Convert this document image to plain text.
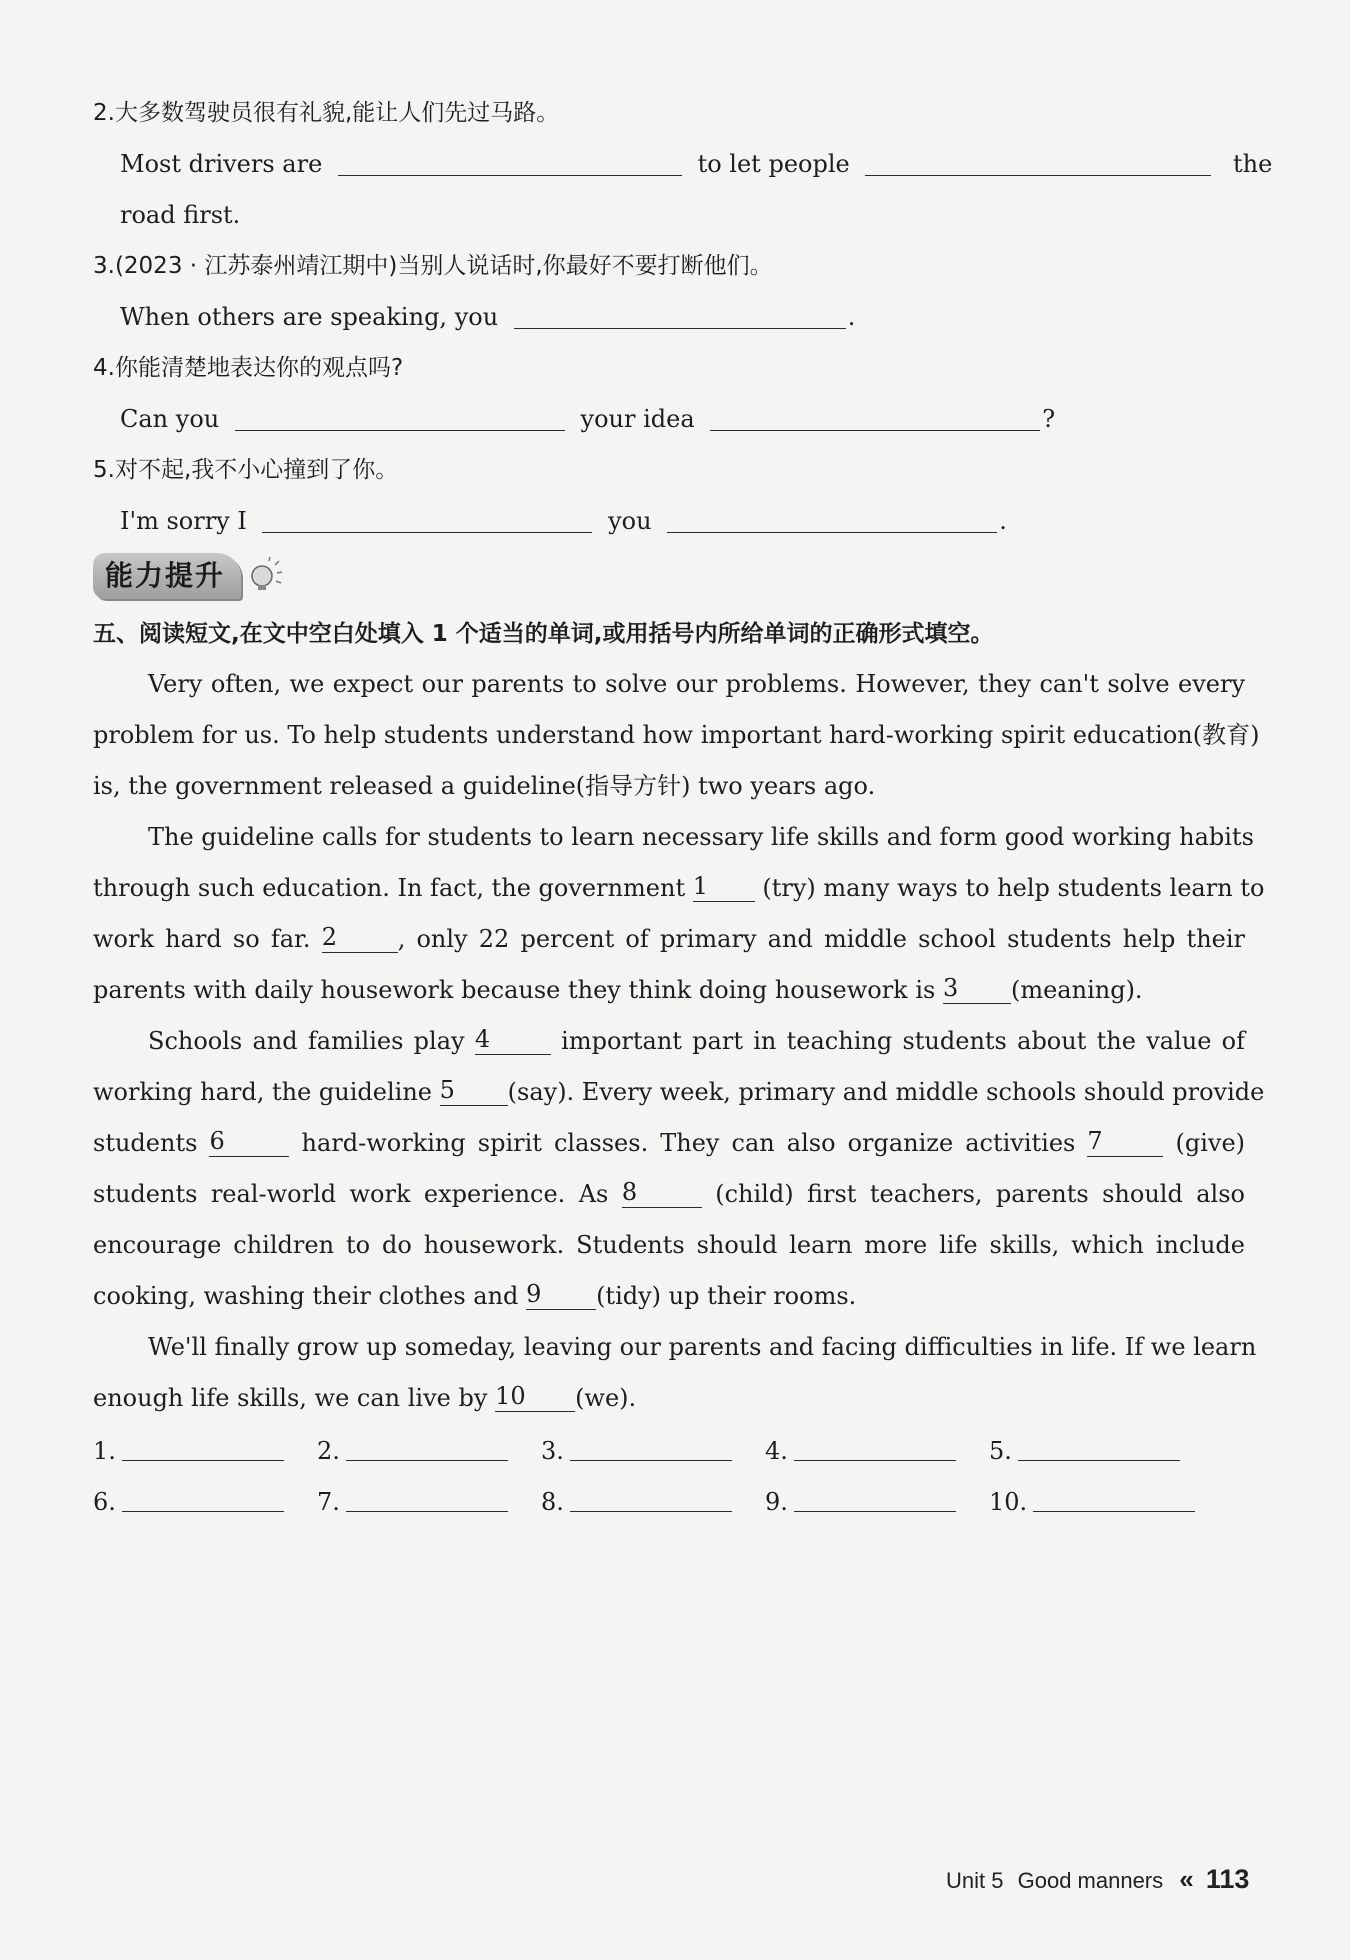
2.大多数驾驶员很有礼貌,能让人们先过马路。
Most drivers are	to let people	the
road first.
3.(2023 · 江苏泰州靖江期中)当别人说话时,你最好不要打断他们。
When others are speaking, you	.
4.你能清楚地表达你的观点吗?
Can you	your idea	?
5.对不起,我不小心撞到了你。
I'm sorry I	you	.
能力提升
五、阅读短文,在文中空白处填入 1 个适当的单词,或用括号内所给单词的正确形式填空。
Very often, we expect our parents to solve our problems. However, they can't solve every
problem for us. To help students understand how important hard-working spirit education(教育)
is, the government released a guideline(指导方针) two years ago.
The guideline calls for students to learn necessary life skills and form good working habits
through such education. In fact, the government 1 (try) many ways to help students learn to
work hard so far. 2	, only 22 percent of primary and middle school students help their
parents with daily housework because they think doing housework is 3 (meaning).
Schools and families play 4	important part in teaching students about the value of
working hard, the guideline 5 (say). Every week, primary and middle schools should provide
students 6	hard-working spirit classes. They can also organize activities 7	(give)
students real-world work experience. As 8	(child) first teachers, parents should also
encourage children to do housework. Students should learn more life skills, which include
cooking, washing their clothes and 9 (tidy) up their rooms.
We'll finally grow up someday, leaving our parents and facing difficulties in life. If we learn
enough life skills, we can live by 10 (we).
1.	2.	3.	4.	5.
6.	7.	8.	9.	10.
Unit 5 Good manners « 113
